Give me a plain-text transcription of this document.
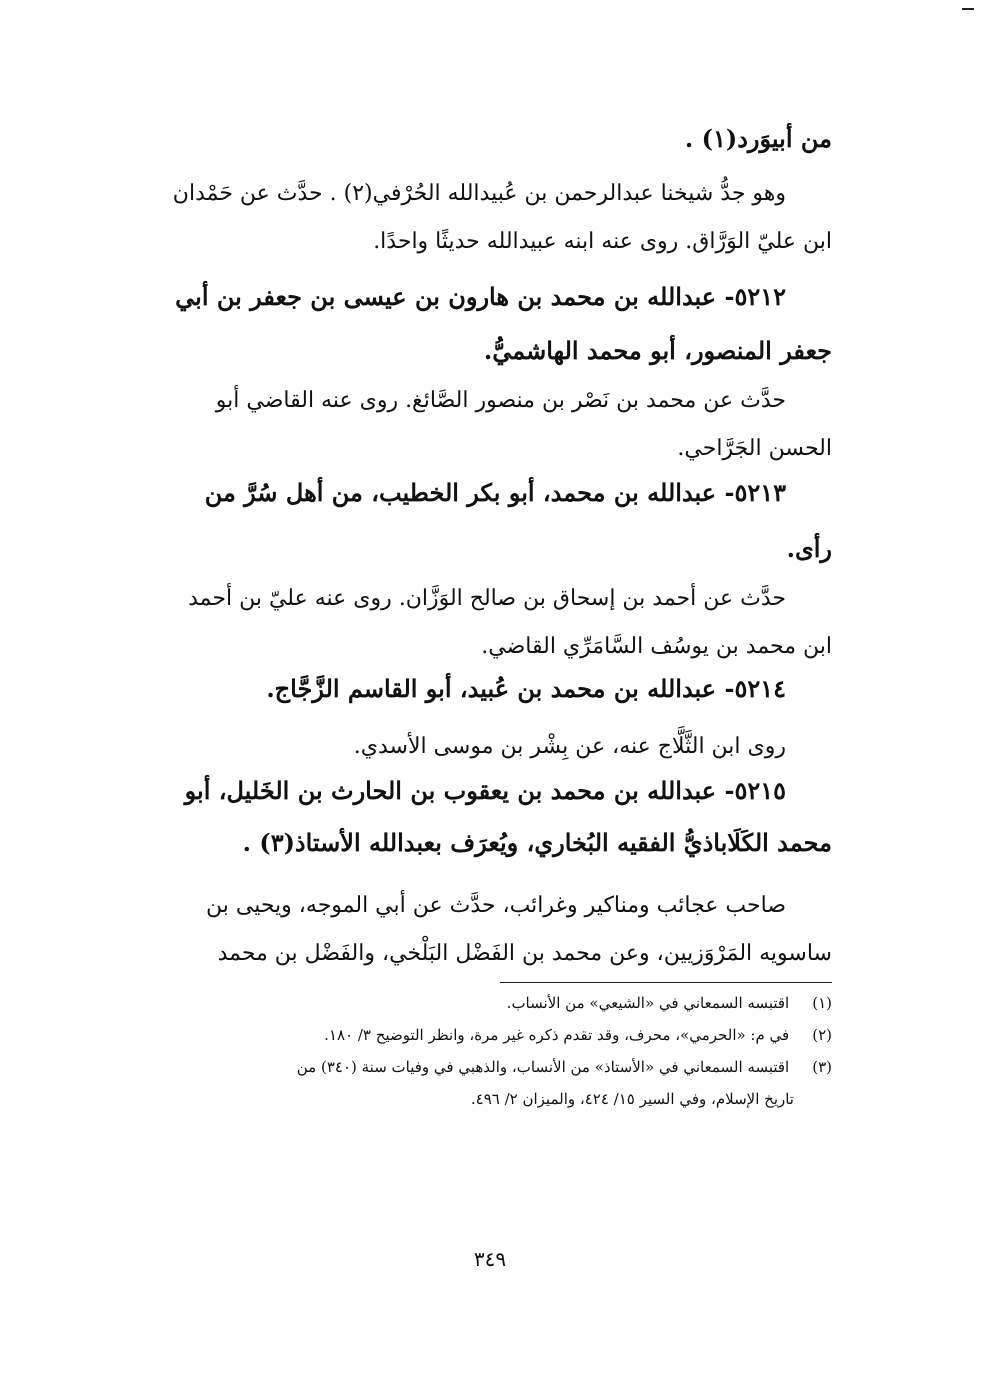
من أبيوَرد(١) .
وهو جدُّ شيخنا عبدالرحمن بن عُبيدالله الحُرْفي(٢) . حدَّث عن حَمْدان
ابن عليّ الوَرَّاق. روى عنه ابنه عبيدالله حديثًا واحدًا.
٥٢١٢- عبدالله بن محمد بن هارون بن عيسى بن جعفر بن أبي
جعفر المنصور، أبو محمد الهاشميُّ.
حدَّث عن محمد بن نَصْر بن منصور الصَّائغ. روى عنه القاضي أبو
الحسن الجَرَّاحي.
٥٢١٣- عبدالله بن محمد، أبو بكر الخطيب، من أهل سُرَّ من
رأى.
حدَّث عن أحمد بن إسحاق بن صالح الوَزَّان. روى عنه عليّ بن أحمد
ابن محمد بن يوسُف السَّامَرِّي القاضي.
٥٢١٤- عبدالله بن محمد بن عُبيد، أبو القاسم الزَّجَّاج.
روى ابن الثَّلَّاج عنه، عن بِشْر بن موسى الأسدي.
٥٢١٥- عبدالله بن محمد بن يعقوب بن الحارث بن الخَليل، أبو
محمد الكَلَاباذيُّ الفقيه البُخاري، ويُعرَف بعبدالله الأستاذ(٣) .
صاحب عجائب ومناكير وغرائب، حدَّث عن أبي الموجه، ويحيى بن
ساسويه المَرْوَزيين، وعن محمد بن الفَضْل البَلْخي، والفَضْل بن محمد
(١) اقتبسه السمعاني في «الشيعي» من الأنساب.
(٢) في م: «الحرمي»، محرف، وقد تقدم ذكره غير مرة، وانظر التوضيح ٣/ ١٨٠.
(٣) اقتبسه السمعاني في «الأستاذ» من الأنساب، والذهبي في وفيات سنة (٣٤٠) من
تاريخ الإسلام، وفي السير ١٥/ ٤٢٤، والميزان ٢/ ٤٩٦.
٣٤٩
